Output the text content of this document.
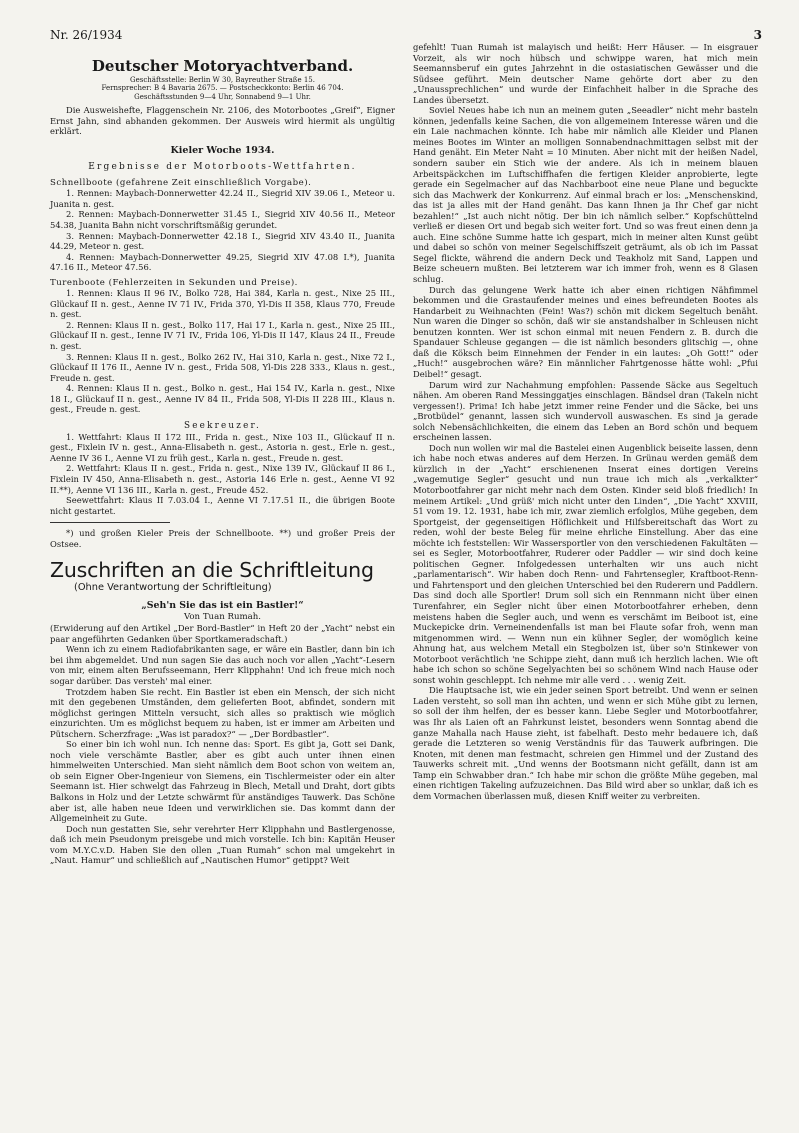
Nr. 26/1934	3
Deutscher Motoryachtverband.

Geschäftsstelle: Berlin W 30, Bayreuther Straße 15.

Fernsprecher: B 4 Bavaria 2675. — Postscheckkonto: Berlin 46 704.

Geschäftsstunden 9—4 Uhr, Sonnabend 9—1 Uhr.

Die Ausweishefte, Flaggenschein Nr. 2106, des Motorbootes „Greif“, Eigner Ernst Jahn, sind abhanden gekommen. Der Ausweis wird hiermit als ungültig erklärt.

Kieler Woche 1934.
Ergebnisse der Motorboots-Wettfahrten.
Schnellboote (gefahrene Zeit einschließlich Vorgabe).

1. Rennen: Maybach-Donnerwetter 42.24 II., Siegrid XIV 39.06 I., Meteor u. Juanita n. gest.

2. Rennen: Maybach-Donnerwetter 31.45 I., Siegrid XIV 40.56 II., Meteor 54.38, Juanita Bahn nicht vorschriftsmäßig gerundet.

3. Rennen: Maybach-Donnerwetter 42.18 I., Siegrid XIV 43.40 II., Juanita 44.29, Meteor n. gest.

4. Rennen: Maybach-Donnerwetter 49.25, Siegrid XIV 47.08 I.*), Juanita 47.16 II., Meteor 47.56.

Turenboote (Fehlerzeiten in Sekunden und Preise).

1. Rennen: Klaus II 96 IV., Bolko 728, Hai 384, Karla n. gest., Nixe 25 III., Glückauf II n. gest., Aenne IV 71 IV., Frida 370, Yl-Dis II 358, Klaus 770, Freude n. gest.

2. Rennen: Klaus II n. gest., Bolko 117, Hai 17 I., Karla n. gest., Nixe 25 III., Glückauf II n. gest., Ienne IV 71 IV., Frida 106, Yl-Dis II 147, Klaus 24 II., Freude n. gest.

3. Rennen: Klaus II n. gest., Bolko 262 IV., Hai 310, Karla n. gest., Nixe 72 I., Glückauf II 176 II., Aenne IV n. gest., Frida 508, Yl-Dis 228 333., Klaus n. gest., Freude n. gest.

4. Rennen: Klaus II n. gest., Bolko n. gest., Hai 154 IV., Karla n. gest., Nixe 18 I., Glückauf II n. gest., Aenne IV 84 II., Frida 508, Yl-Dis II 228 III., Klaus n. gest., Freude n. gest.

Seekreuzer.

1. Wettfahrt: Klaus II 172 III., Frida n. gest., Nixe 103 II., Glückauf II n. gest., Fixlein IV n. gest., Anna-Elisabeth n. gest., Astoria n. gest., Erle n. gest., Aenne IV 36 I., Aenne VI zu früh gest., Karla n. gest., Freude n. gest.

2. Wettfahrt: Klaus II n. gest., Frida n. gest., Nixe 139 IV., Glückauf II 86 I., Fixlein IV 450, Anna-Elisabeth n. gest., Astoria 146 Erle n. gest., Aenne VI 92 II.**), Aenne VI 136 III., Karla n. gest., Freude 452.

Seewettfahrt: Klaus II 7.03.04 I., Aenne VI 7.17.51 II., die übrigen Boote nicht gestartet.

*) und großen Kieler Preis der Schnellboote. **) und großer Preis der Ostsee.

Zuschriften an die Schriftleitung
(Ohne Verantwortung der Schriftleitung)
„Seh'n Sie das ist ein Bastler!“
Von Tuan Rumah.

(Erwiderung auf den Artikel „Der Bord-Bastler“ in Heft 20 der „Yacht“ nebst ein paar angeführten Gedanken über Sportkameradschaft.)

Wenn ich zu einem Radiofabrikanten sage, er wäre ein Bastler, dann bin ich bei ihm abgemeldet. Und nun sagen Sie das auch noch vor allen „Yacht“-Lesern von mir, einem alten Berufsseemann, Herr Klipphahn! Und ich freue mich noch sogar darüber. Das versteh' mal einer.

Trotzdem haben Sie recht. Ein Bastler ist eben ein Mensch, der sich nicht mit den gegebenen Umständen, dem gelieferten Boot, abfindet, sondern mit möglichst geringen Mitteln versucht, sich alles so praktisch wie möglich einzurichten. Um es möglichst bequem zu haben, ist er immer am Arbeiten und Pütschern. Scherzfrage: „Was ist paradox?“ — „Der Bordbastler“.

So einer bin ich wohl nun. Ich nenne das: Sport. Es gibt ja, Gott sei Dank, noch viele verschämte Bastler, aber es gibt auch unter ihnen einen himmelweiten Unterschied. Man sieht nämlich dem Boot schon von weitem an, ob sein Eigner Ober-Ingenieur von Siemens, ein Tischlermeister oder ein alter Seemann ist. Hier schwelgt das Fahrzeug in Blech, Metall und Draht, dort gibts Balkons in Holz und der Letzte schwärmt für anständiges Tauwerk. Das Schöne aber ist, alle haben neue Ideen und verwirklichen sie. Das kommt dann der Allgemeinheit zu Gute.

Doch nun gestatten Sie, sehr verehrter Herr Klipphahn und Bastlergenosse, daß ich mein Pseudonym preisgebe und mich vorstelle. Ich bin: Kapitän Heuser vom M.Y.C.v.D. Haben Sie den ollen „Tuan Rumah“ schon mal umgekehrt in „Naut. Hamur“ und schließlich auf „Nautischen Humor“ getippt? Weit

gefehlt! Tuan Rumah ist malayisch und heißt: Herr Häuser. — In eisgrauer Vorzeit, als wir noch hübsch und schwippe waren, hat mich mein Seemannsberuf ein gutes Jahrzehnt in die ostasiatischen Gewässer und die Südsee geführt. Mein deutscher Name gehörte dort aber zu den „Unaussprechlichen“ und wurde der Einfachheit halber in die Sprache des Landes übersetzt.

Soviel Neues habe ich nun an meinem guten „Seeadler“ nicht mehr basteln können, jedenfalls keine Sachen, die von allgemeinem Interesse wären und die ein Laie nachmachen könnte. Ich habe mir nämlich alle Kleider und Planen meines Bootes im Winter an molligen Sonnabendnachmittagen selbst mit der Hand genäht. Ein Meter Naht = 10 Minuten. Aber nicht mit der heißen Nadel, sondern sauber ein Stich wie der andere. Als ich in meinem blauen Arbeitspäckchen im Luftschiffhafen die fertigen Kleider anprobierte, legte gerade ein Segelmacher auf das Nachbarboot eine neue Plane und beguckte sich das Machwerk der Konkurrenz. Auf einmal brach er los: „Menschenskind, das ist ja alles mit der Hand genäht. Das kann Ihnen ja Ihr Chef gar nicht bezahlen!“ „Ist auch nicht nötig. Der bin ich nämlich selber.“ Kopfschüttelnd verließ er diesen Ort und begab sich weiter fort. Und so was freut einen denn ja auch. Eine schöne Summe hatte ich gespart, mich in meiner alten Kunst geübt und dabei so schön von meiner Segelschiffszeit geträumt, als ob ich im Passat Segel flickte, während die andern Deck und Teakholz mit Sand, Lappen und Beize scheuern mußten. Bei letzterem war ich immer froh, wenn es 8 Glasen schlug.

Durch das gelungene Werk hatte ich aber einen richtigen Nähfimmel bekommen und die Grastaufender meines und eines befreundeten Bootes als Handarbeit zu Weihnachten (Fein! Was?) schön mit dickem Segeltuch benäht. Nun waren die Dinger so schön, daß wir sie anstandshalber in Schleusen nicht benutzen konnten. Wer ist schon einmal mit neuen Fendern z. B. durch die Spandauer Schleuse gegangen — die ist nämlich besonders glitschig —, ohne daß die Köksch beim Einnehmen der Fender in ein lautes: „Oh Gott!“ oder „Huch!“ ausgebrochen wäre? Ein männlicher Fahrtgenosse hätte wohl: „Pfui Deibel!“ gesagt.

Darum wird zur Nachahmung empfohlen: Passende Säcke aus Segeltuch nähen. Am oberen Rand Messinggatjes einschlagen. Bändsel dran (Takeln nicht vergessen!). Prima! Ich habe jetzt immer reine Fender und die Säcke, bei uns „Brotbüdel“ genannt, lassen sich wundervoll auswaschen. Es sind ja gerade solch Nebensächlichkeiten, die einem das Leben an Bord schön und bequem erscheinen lassen.

Doch nun wollen wir mal die Bastelei einen Augenblick beiseite lassen, denn ich habe noch etwas anderes auf dem Herzen. In Grünau werden gemäß dem kürzlich in der „Yacht“ erschienenen Inserat eines dortigen Vereins „wagemutige Segler“ gesucht und nun traue ich mich als „verkalkter“ Motorbootfahrer gar nicht mehr nach dem Osten. Kinder seid bloß friedlich! In meinem Artikel: „Und grüß' mich nicht unter den Linden“, „Die Yacht“ XXVIII, 51 vom 19. 12. 1931, habe ich mir, zwar ziemlich erfolglos, Mühe gegeben, dem Sportgeist, der gegenseitigen Höflichkeit und Hilfsbereitschaft das Wort zu reden, wohl der beste Beleg für meine ehrliche Einstellung. Aber das eine möchte ich feststellen: Wir Wassersportler von den verschiedenen Fakultäten — sei es Segler, Motorbootfahrer, Ruderer oder Paddler — wir sind doch keine politischen Gegner. Infolgedessen unterhalten wir uns auch nicht „parlamentarisch“. Wir haben doch Renn- und Fahrtensegler, Kraftboot-Renn- und Fahrtensport und den gleichen Unterschied bei den Ruderern und Paddlern. Das sind doch alle Sportler! Drum soll sich ein Rennmann nicht über einen Turenfahrer, ein Segler nicht über einen Motorbootfahrer erheben, denn meistens haben die Segler auch, und wenn es verschämt im Beiboot ist, eine Muckepicke drin. Verneinendenfalls ist man bei Flaute sofar froh, wenn man mitgenommen wird. — Wenn nun ein kühner Segler, der womöglich keine Ahnung hat, aus welchem Metall ein Stegbolzen ist, über so'n Stinkewer von Motorboot verächtlich 'ne Schippe zieht, dann muß ich herzlich lachen. Wie oft habe ich schon so schöne Segelyachten bei so schönem Wind nach Hause oder sonst wohin geschleppt. Ich nehme mir alle verd . . . wenig Zeit.

Die Hauptsache ist, wie ein jeder seinen Sport betreibt. Und wenn er seinen Laden versteht, so soll man ihn achten, und wenn er sich Mühe gibt zu lernen, so soll der ihm helfen, der es besser kann. Liebe Segler und Motorbootfahrer, was Ihr als Laien oft an Fahrkunst leistet, besonders wenn Sonntag abend die ganze Mahalla nach Hause zieht, ist fabelhaft. Desto mehr bedauere ich, daß gerade die Letzteren so wenig Verständnis für das Tauwerk aufbringen. Die Knoten, mit denen man festmacht, schreien gen Himmel und der Zustand des Tauwerks schreit mit. „Und wenns der Bootsmann nicht gefällt, dann ist am Tamp ein Schwabber dran.“ Ich habe mir schon die größte Mühe gegeben, mal einen richtigen Takeling aufzuzeichnen. Das Bild wird aber so unklar, daß ich es dem Vormachen überlassen muß, diesen Kniff weiter zu verbreiten.
